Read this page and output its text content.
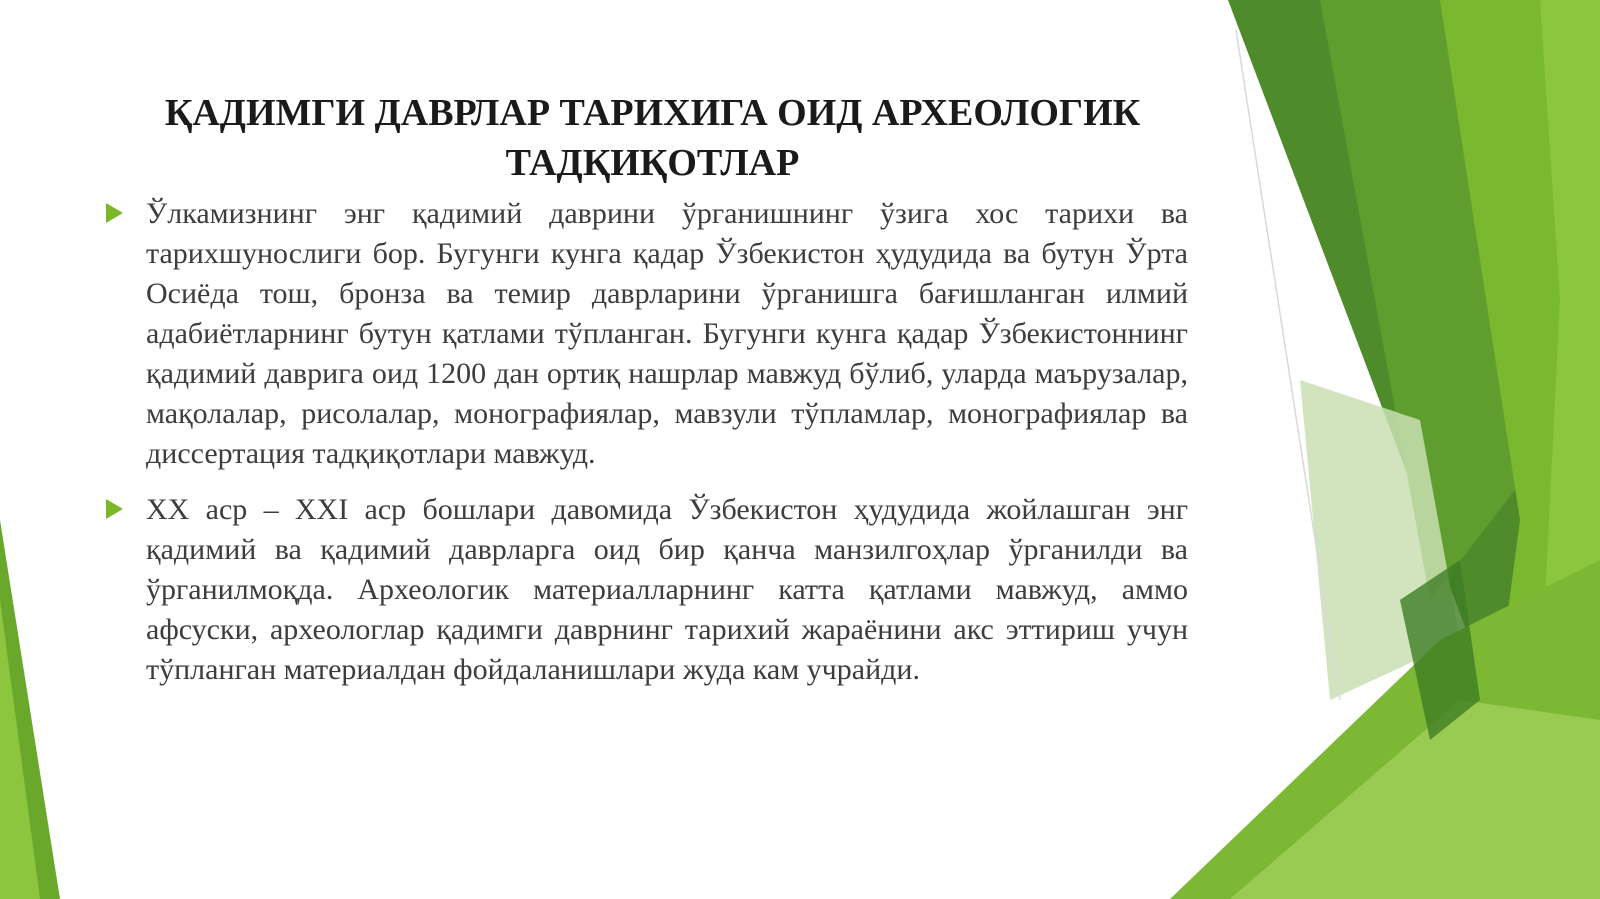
ҚАДИМГИ ДАВРЛАР ТАРИХИГА ОИД АРХЕОЛОГИК ТАДҚИҚОТЛАР
Ўлкамизнинг энг қадимий даврини ўрганишнинг ўзига хос тарихи ва тарихшунослиги бор. Бугунги кунга қадар Ўзбекистон ҳудудида ва бутун Ўрта Осиёда тош, бронза ва темир даврларини ўрганишга бағишланган илмий адабиётларнинг бутун қатлами тўпланган. Бугунги кунга қадар Ўзбекистоннинг қадимий даврига оид 1200 дан ортиқ нашрлар мавжуд бўлиб, уларда маърузалар, мақолалар, рисолалар, монографиялар, мавзули тўпламлар, монографиялар ва диссертация тадқиқотлари мавжуд.
XX аср – XXI аср бошлари давомида Ўзбекистон ҳудудида жойлашган энг қадимий ва қадимий даврларга оид бир қанча манзилгоҳлар ўрганилди ва ўрганилмоқда. Археологик материалларнинг катта қатлами мавжуд, аммо афсуски, археологлар қадимги даврнинг тарихий жараёнини акс эттириш учун тўпланган материалдан фойдаланишлари жуда кам учрайди.
